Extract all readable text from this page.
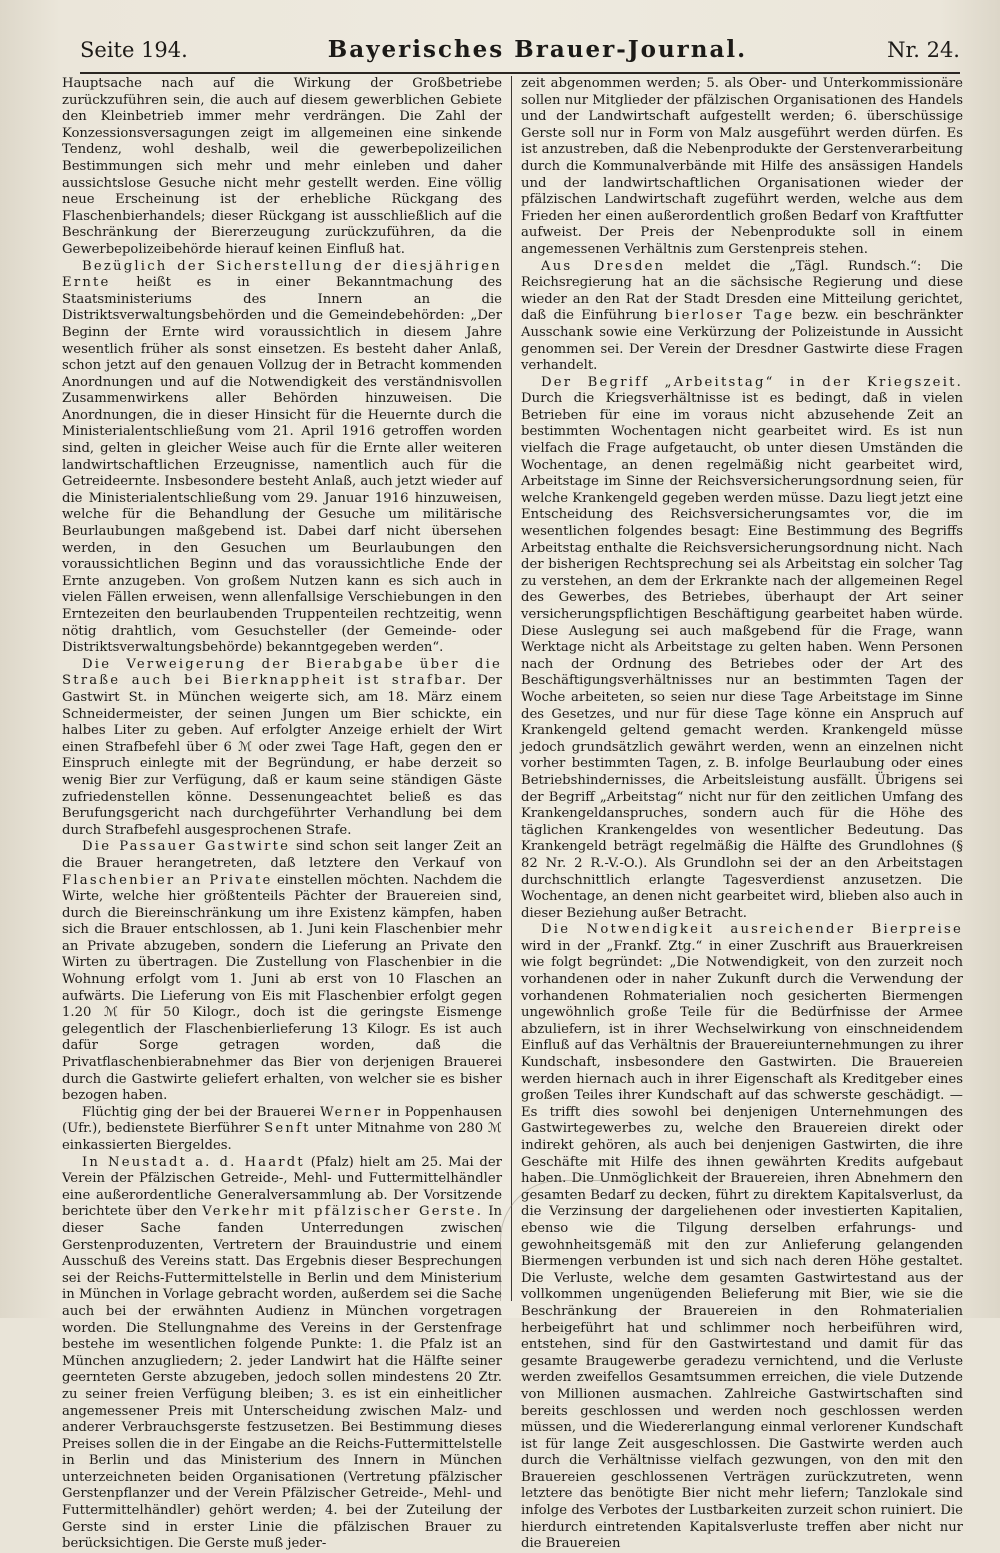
Seite 194.	Bayerisches Brauer-Journal.	Nr. 24.

Hauptsache nach auf die Wirkung der Großbetriebe zurückzuführen sein, die auch auf diesem gewerblichen Gebiete den Kleinbetrieb immer mehr verdrängen. Die Zahl der Konzessionsversagungen zeigt im allgemeinen eine sinkende Tendenz, wohl deshalb, weil die gewerbepolizeilichen Bestimmungen sich mehr und mehr einleben und daher aussichtslose Gesuche nicht mehr gestellt werden. Eine völlig neue Erscheinung ist der erhebliche Rückgang des Flaschenbierhandels; dieser Rückgang ist ausschließlich auf die Beschränkung der Biererzeugung zurückzuführen, da die Gewerbepolizeibehörde hierauf keinen Einfluß hat.

Bezüglich der Sicherstellung der diesjährigen Ernte heißt es in einer Bekanntmachung des Staatsministeriums des Innern an die Distriktsverwaltungsbehörden und die Gemeindebehörden: „Der Beginn der Ernte wird voraussichtlich in diesem Jahre wesentlich früher als sonst einsetzen. Es besteht daher Anlaß, schon jetzt auf den genauen Vollzug der in Betracht kommenden Anordnungen und auf die Notwendigkeit des verständnisvollen Zusammenwirkens aller Behörden hinzuweisen. Die Anordnungen, die in dieser Hinsicht für die Heuernte durch die Ministerialentschließung vom 21. April 1916 getroffen worden sind, gelten in gleicher Weise auch für die Ernte aller weiteren landwirtschaftlichen Erzeugnisse, namentlich auch für die Getreideernte. Insbesondere besteht Anlaß, auch jetzt wieder auf die Ministerialentschließung vom 29. Januar 1916 hinzuweisen, welche für die Behandlung der Gesuche um militärische Beurlaubungen maßgebend ist. Dabei darf nicht übersehen werden, in den Gesuchen um Beurlaubungen den voraussichtlichen Beginn und das voraussichtliche Ende der Ernte anzugeben. Von großem Nutzen kann es sich auch in vielen Fällen erweisen, wenn allenfallsige Verschiebungen in den Erntezeiten den beurlaubenden Truppenteilen rechtzeitig, wenn nötig drahtlich, vom Gesuchsteller (der Gemeinde- oder Distriktsverwaltungsbehörde) bekanntgegeben werden“.

Die Verweigerung der Bierabgabe über die Straße auch bei Bierknappheit ist strafbar. Der Gastwirt St. in München weigerte sich, am 18. März einem Schneidermeister, der seinen Jungen um Bier schickte, ein halbes Liter zu geben. Auf erfolgter Anzeige erhielt der Wirt einen Strafbefehl über 6 ℳ oder zwei Tage Haft, gegen den er Einspruch einlegte mit der Begründung, er habe derzeit so wenig Bier zur Verfügung, daß er kaum seine ständigen Gäste zufriedenstellen könne. Dessenungeachtet beließ es das Berufungsgericht nach durchgeführter Verhandlung bei dem durch Strafbefehl ausgesprochenen Strafe.

Die Passauer Gastwirte sind schon seit langer Zeit an die Brauer herangetreten, daß letztere den Verkauf von Flaschenbier an Private einstellen möchten. Nachdem die Wirte, welche hier größtenteils Pächter der Brauereien sind, durch die Biereinschränkung um ihre Existenz kämpfen, haben sich die Brauer entschlossen, ab 1. Juni kein Flaschenbier mehr an Private abzugeben, sondern die Lieferung an Private den Wirten zu übertragen. Die Zustellung von Flaschenbier in die Wohnung erfolgt vom 1. Juni ab erst von 10 Flaschen an aufwärts. Die Lieferung von Eis mit Flaschenbier erfolgt gegen 1.20 ℳ für 50 Kilogr., doch ist die geringste Eismenge gelegentlich der Flaschenbierlieferung 13 Kilogr. Es ist auch dafür Sorge getragen worden, daß die Privatflaschenbierabnehmer das Bier von derjenigen Brauerei durch die Gastwirte geliefert erhalten, von welcher sie es bisher bezogen haben.

Flüchtig ging der bei der Brauerei Werner in Poppenhausen (Ufr.), bedienstete Bierführer Senft unter Mitnahme von 280 ℳ einkassierten Biergeldes.

In Neustadt a. d. Haardt (Pfalz) hielt am 25. Mai der Verein der Pfälzischen Getreide-, Mehl- und Futtermittelhändler eine außerordentliche Generalversammlung ab. Der Vorsitzende berichtete über den Verkehr mit pfälzischer Gerste. In dieser Sache fanden Unterredungen zwischen Gerstenproduzenten, Vertretern der Brauindustrie und einem Ausschuß des Vereins statt. Das Ergebnis dieser Besprechungen sei der Reichs-Futtermittelstelle in Berlin und dem Ministerium in München in Vorlage gebracht worden, außerdem sei die Sache auch bei der erwähnten Audienz in München vorgetragen worden. Die Stellungnahme des Vereins in der Gerstenfrage bestehe im wesentlichen folgende Punkte: 1. die Pfalz ist an München anzugliedern; 2. jeder Landwirt hat die Hälfte seiner geernteten Gerste abzugeben, jedoch sollen mindestens 20 Ztr. zu seiner freien Verfügung bleiben; 3. es ist ein einheitlicher angemessener Preis mit Unterscheidung zwischen Malz- und anderer Verbrauchsgerste festzusetzen. Bei Bestimmung dieses Preises sollen die in der Eingabe an die Reichs-Futtermittelstelle in Berlin und das Ministerium des Innern in München unterzeichneten beiden Organisationen (Vertretung pfälzischer Gerstenpflanzer und der Verein Pfälzischer Getreide-, Mehl- und Futtermittelhändler) gehört werden; 4. bei der Zuteilung der Gerste sind in erster Linie die pfälzischen Brauer zu berücksichtigen. Die Gerste muß jeder-

zeit abgenommen werden; 5. als Ober- und Unterkommissionäre sollen nur Mitglieder der pfälzischen Organisationen des Handels und der Landwirtschaft aufgestellt werden; 6. überschüssige Gerste soll nur in Form von Malz ausgeführt werden dürfen. Es ist anzustreben, daß die Nebenprodukte der Gerstenverarbeitung durch die Kommunalverbände mit Hilfe des ansässigen Handels und der landwirtschaftlichen Organisationen wieder der pfälzischen Landwirtschaft zugeführt werden, welche aus dem Frieden her einen außerordentlich großen Bedarf von Kraftfutter aufweist. Der Preis der Nebenprodukte soll in einem angemessenen Verhältnis zum Gerstenpreis stehen.

Aus Dresden meldet die „Tägl. Rundsch.“: Die Reichsregierung hat an die sächsische Regierung und diese wieder an den Rat der Stadt Dresden eine Mitteilung gerichtet, daß die Einführung bierloser Tage bezw. ein beschränkter Ausschank sowie eine Verkürzung der Polizeistunde in Aussicht genommen sei. Der Verein der Dresdner Gastwirte diese Fragen verhandelt.

Der Begriff „Arbeitstag“ in der Kriegszeit. Durch die Kriegsverhältnisse ist es bedingt, daß in vielen Betrieben für eine im voraus nicht abzusehende Zeit an bestimmten Wochentagen nicht gearbeitet wird. Es ist nun vielfach die Frage aufgetaucht, ob unter diesen Umständen die Wochentage, an denen regelmäßig nicht gearbeitet wird, Arbeitstage im Sinne der Reichsversicherungsordnung seien, für welche Krankengeld gegeben werden müsse. Dazu liegt jetzt eine Entscheidung des Reichsversicherungsamtes vor, die im wesentlichen folgendes besagt: Eine Bestimmung des Begriffs Arbeitstag enthalte die Reichsversicherungsordnung nicht. Nach der bisherigen Rechtsprechung sei als Arbeitstag ein solcher Tag zu verstehen, an dem der Erkrankte nach der allgemeinen Regel des Gewerbes, des Betriebes, überhaupt der Art seiner versicherungspflichtigen Beschäftigung gearbeitet haben würde. Diese Auslegung sei auch maßgebend für die Frage, wann Werktage nicht als Arbeitstage zu gelten haben. Wenn Personen nach der Ordnung des Betriebes oder der Art des Beschäftigungsverhältnisses nur an bestimmten Tagen der Woche arbeiteten, so seien nur diese Tage Arbeitstage im Sinne des Gesetzes, und nur für diese Tage könne ein Anspruch auf Krankengeld geltend gemacht werden. Krankengeld müsse jedoch grundsätzlich gewährt werden, wenn an einzelnen nicht vorher bestimmten Tagen, z. B. infolge Beurlaubung oder eines Betriebshindernisses, die Arbeitsleistung ausfällt. Übrigens sei der Begriff „Arbeitstag“ nicht nur für den zeitlichen Umfang des Krankengeldanspruches, sondern auch für die Höhe des täglichen Krankengeldes von wesentlicher Bedeutung. Das Krankengeld beträgt regelmäßig die Hälfte des Grundlohnes (§ 82 Nr. 2 R.-V.-O.). Als Grundlohn sei der an den Arbeitstagen durchschnittlich erlangte Tagesverdienst anzusetzen. Die Wochentage, an denen nicht gearbeitet wird, blieben also auch in dieser Beziehung außer Betracht.

Die Notwendigkeit ausreichender Bierpreise wird in der „Frankf. Ztg.“ in einer Zuschrift aus Brauerkreisen wie folgt begründet: „Die Notwendigkeit, von den zurzeit noch vorhandenen oder in naher Zukunft durch die Verwendung der vorhandenen Rohmaterialien noch gesicherten Biermengen ungewöhnlich große Teile für die Bedürfnisse der Armee abzuliefern, ist in ihrer Wechselwirkung von einschneidendem Einfluß auf das Verhältnis der Brauereiunternehmungen zu ihrer Kundschaft, insbesondere den Gastwirten. Die Brauereien werden hiernach auch in ihrer Eigenschaft als Kreditgeber eines großen Teiles ihrer Kundschaft auf das schwerste geschädigt. — Es trifft dies sowohl bei denjenigen Unternehmungen des Gastwirtegewerbes zu, welche den Brauereien direkt oder indirekt gehören, als auch bei denjenigen Gastwirten, die ihre Geschäfte mit Hilfe des ihnen gewährten Kredits aufgebaut haben. Die Unmöglichkeit der Brauereien, ihren Abnehmern den gesamten Bedarf zu decken, führt zu direktem Kapitalsverlust, da die Verzinsung der dargeliehenen oder investierten Kapitalien, ebenso wie die Tilgung derselben erfahrungs- und gewohnheitsgemäß mit den zur Anlieferung gelangenden Biermengen verbunden ist und sich nach deren Höhe gestaltet. Die Verluste, welche dem gesamten Gastwirtestand aus der vollkommen ungenügenden Belieferung mit Bier, wie sie die Beschränkung der Brauereien in den Rohmaterialien herbeigeführt hat und schlimmer noch herbeiführen wird, entstehen, sind für den Gastwirtestand und damit für das gesamte Braugewerbe geradezu vernichtend, und die Verluste werden zweifellos Gesamtsummen erreichen, die viele Dutzende von Millionen ausmachen. Zahlreiche Gastwirtschaften sind bereits geschlossen und werden noch geschlossen werden müssen, und die Wiedererlangung einmal verlorener Kundschaft ist für lange Zeit ausgeschlossen. Die Gastwirte werden auch durch die Verhältnisse vielfach gezwungen, von den mit den Brauereien geschlossenen Verträgen zurückzutreten, wenn letztere das benötigte Bier nicht mehr liefern; Tanzlokale sind infolge des Verbotes der Lustbarkeiten zurzeit schon ruiniert. Die hierdurch eintretenden Kapitalsverluste treffen aber nicht nur die Brauereien
